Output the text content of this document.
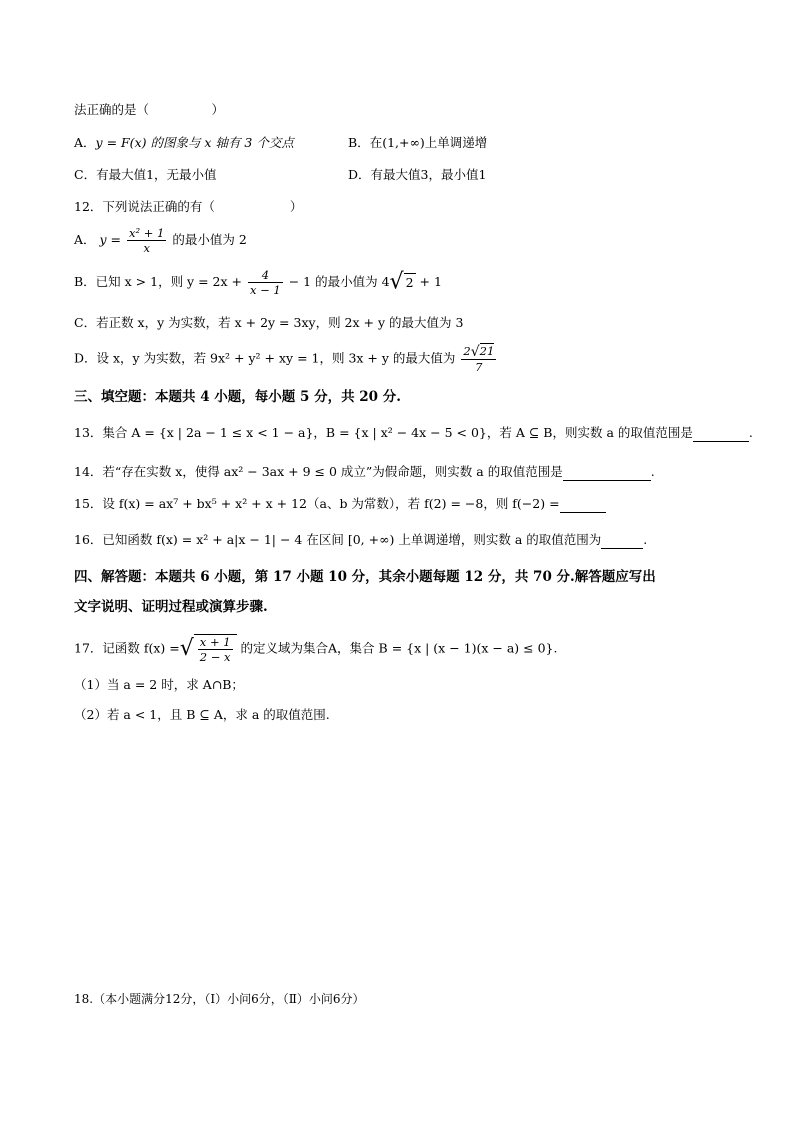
法正确的是（　　　　　）
A．y = F(x) 的图象与 x 轴有 3 个交点	B．在(1,+∞)上单调递增
C．有最大值1，无最小值	D．有最大值3，最小值1
12．下列说法正确的有（　　　　　　）
A． $y = \frac{\text{x² + 1}}{x}$ 的最小值为 2
B．已知 x > 1，则 $y = 2x + \frac{4}{x - 1} - 1$ 的最小值为 4√ 2 + 1
C．若正数 x，y 为实数，若 x + 2y = 3xy，则 2x + y 的最大值为 3
D．设 x，y 为实数，若 9x² + y² + xy = 1，则 3x + y 的最大值为 $\frac{2√21}{7}$
三、填空题：本题共 4 小题，每小题 5 分，共 20 分.
13．集合 A = {x | 2a − 1 ≤ x < 1 − a}，B = {x | x² − 4x − 5 < 0}，若 A ⊆ B，则实数 a 的取值范围是	.
14．若“存在实数 x，使得 ax² − 3ax + 9 ≤ 0 成立”为假命题，则实数 a 的取值范围是	.
15．设 f(x) = ax⁷ + bx⁵ + x² + x + 12（a、b 为常数），若 f(2) = −8，则 f(−2) =
16．已知函数 f(x) = x² + a|x − 1| − 4 在区间 [0, +∞) 上单调递增，则实数 a 的取值范围为	.
四、解答题：本题共 6 小题，第 17 小题 10 分，其余小题每题 12 分，共 70 分.解答题应写出
文字说明、证明过程或演算步骤.
17．记函数 f(x) =√ $\frac{x + 1}{2 - x}$ 的定义域为集合A，集合 B = {x | (x − 1)(x − a) ≤ 0}.
（1）当 a = 2 时，求 A∩B；
（2）若 a < 1，且 B ⊆ A，求 a 的取值范围.
18.（本小题满分12分，（Ⅰ）小问6分，（Ⅱ）小问6分）
